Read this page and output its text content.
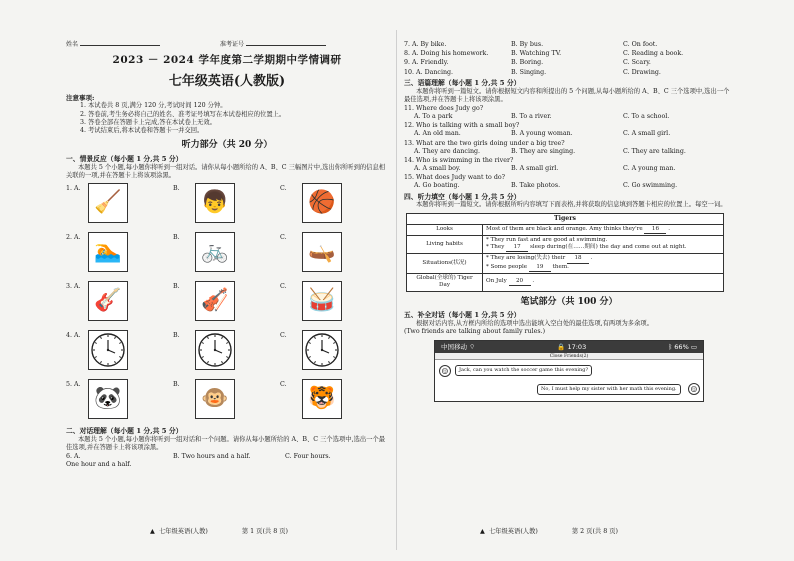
姓名	准考证号
2023 － 2024 学年度第二学期期中学情调研
七年级英语(人教版)
注意事项:
1. 本试卷共 8 页,满分 120 分,考试时间 120 分钟。
2. 答卷前,考生务必将自己的姓名、准考证号填写在本试卷相应的位置上。
3. 答卷全部在答题卡上完成,答在本试卷上无效。
4. 考试结束后,将本试卷和答题卡一并交回。
听力部分（共 20 分）
一、情景反应（每小题 1 分,共 5 分）
本题共 5 个小题,每小题你将听到一组对话。请你从每小题所给的 A、B、C 三幅图片中,选出你所听到的信息相关联的一项,并在答题卡上将该项涂黑。
1. A.
🧹
B.
👦
C.
🏀
2. A.
🏊
B.
🚲
C.
🛶
3. A.
🎸
B.
🎻
C.
🥁
4. A.	B.	C.
5. A.
🐼
B.
🐵
C.
🐯
二、对话理解（每小题 1 分,共 5 分）
本题共 5 个小题,每小题你将听到一组对话和一个问题。请你从每小题所给的 A、B、C 三个选项中,选出一个最佳选项,并在答题卡上将该项涂黑。
6. A.
One hour and a half.
B. Two hours and a half.	C. Four hours.
▲ 七年级英语(人教)	第 1 页(共 8 页)
7. A. By bike.	B. By bus.	C. On foot.
8. A. Doing his homework.	B. Watching TV.	C. Reading a book.
9. A. Friendly.	B. Boring.	C. Scary.
10. A. Dancing.	B. Singing.	C. Drawing.
三、语篇理解（每小题 1 分,共 5 分）
本题你将听到一篇短文。请你根据短文内容和所提出的 5 个问题,从每小题所给的 A、B、C 三个选项中,选出一个最佳选项,并在答题卡上将该项涂黑。
11. Where does Judy go?
A. To a park	B. To a river.	C. To a school.
12. Who is talking with a small boy?
A. An old man.	B. A young woman.	C. A small girl.
13. What are the two girls doing under a big tree?
A. They are dancing.	B. They are singing.	C. They are talking.
14. Who is swimming in the river?
A. A small boy.	B. A small girl.	C. A young man.
15. What does Judy want to do?
A. Go boating.	B. Take photos.	C. Go swimming.
四、听力填空（每小题 1 分,共 5 分）
本题你将听到一篇短文。请你根据所听内容填写下面表格,并将获取的信息填到答题卡相应的位置上。每空一词。
Tigers	
Looks	Most of them are black and orange. Amy thinks they're 16 .
Living habits	* They run fast and are good at swimming.
* They 17 sleep during(在……期间) the day and come out at night.

Situations(状况)	* They are losing(失去) their 18 .
* Some people 19 them.

Global(全球的) Tiger Day	On July 20 .
笔试部分（共 100 分）
五、补全对话（每小题 1 分,共 5 分）
根据对话内容,从方框内所给的选项中选出能填入空白处的最佳选项,有两项为多余项。
(Two friends are talking about family rules.)
中国移动 ⌔	🔒 17:03	ᛒ 66% ▭
Close Friends(2)
☺	Jack, can you watch the soccer game this evening?
No, I must help my sister with her math this evening.	☺
▲ 七年级英语(人教)	第 2 页(共 8 页)
